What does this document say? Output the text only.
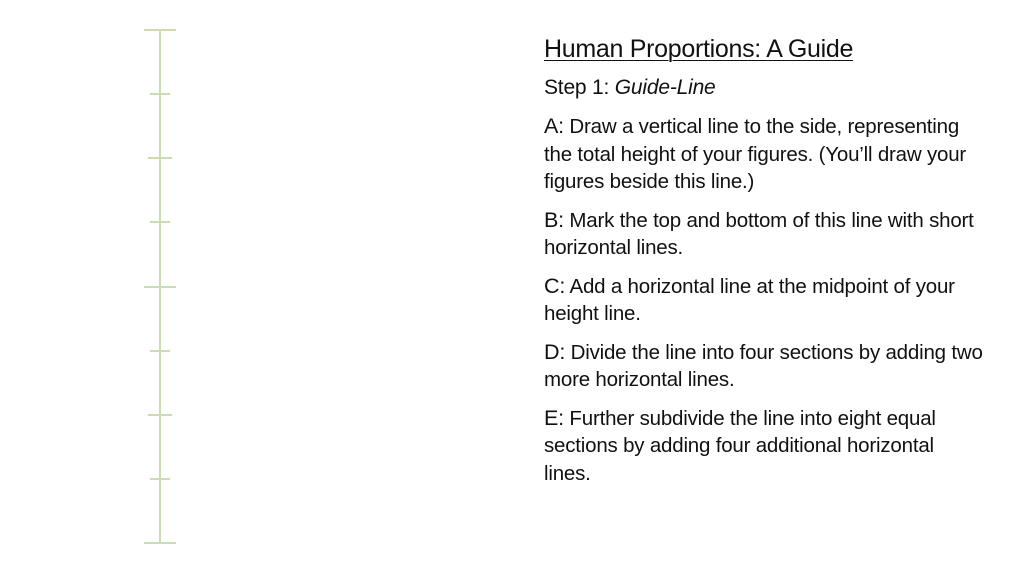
Human Proportions: A Guide
Step 1: Guide-Line
A: Draw a vertical line to the side, representing the total height of your figures. (You’ll draw your figures beside this line.)
B: Mark the top and bottom of this line with short horizontal lines.
C: Add a horizontal line at the midpoint of your height line.
D: Divide the line into four sections by adding two more horizontal lines.
E: Further subdivide the line into eight equal sections by adding four additional horizontal lines.
